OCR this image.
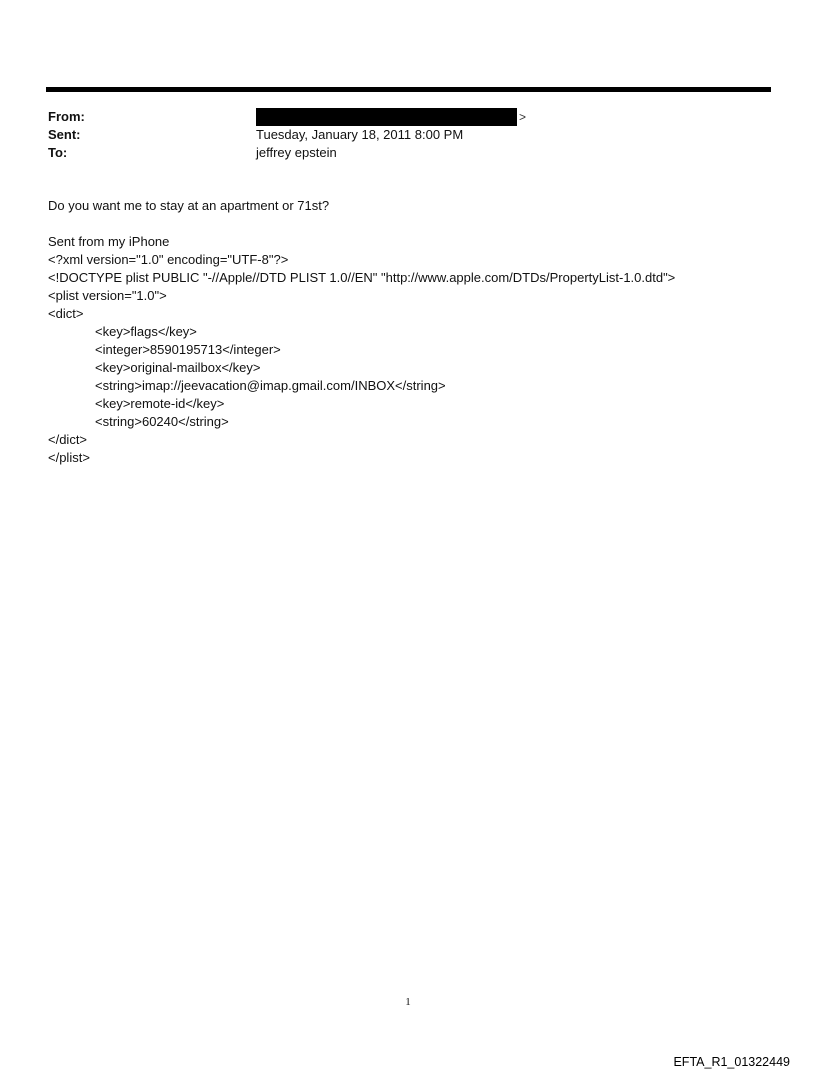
From:	>
Sent:	Tuesday, January 18, 2011 8:00 PM
To:	jeffrey epstein
Do you want me to stay at an apartment or 71st?
Sent from my iPhone
<?xml version="1.0" encoding="UTF-8"?>
<!DOCTYPE plist PUBLIC "-//Apple//DTD PLIST 1.0//EN" "http://www.apple.com/DTDs/PropertyList-1.0.dtd">
<plist version="1.0">
<dict>
<key>flags</key>
<integer>8590195713</integer>
<key>original-mailbox</key>
<string>imap://jeevacation@imap.gmail.com/INBOX</string>
<key>remote-id</key>
<string>60240</string>
</dict>
</plist>
1
EFTA_R1_01322449
